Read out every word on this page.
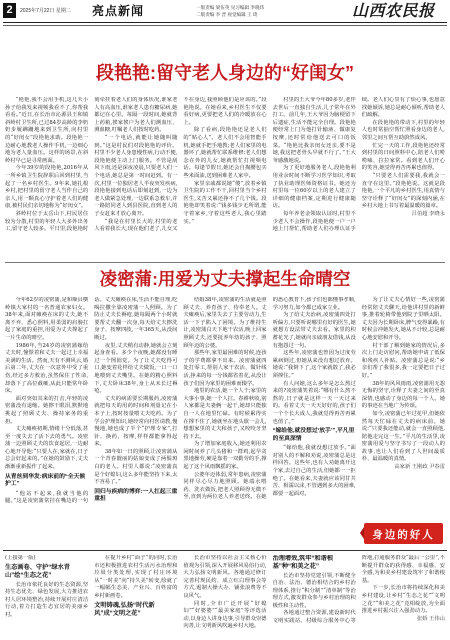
2	2025年7月22日 星期二 亮点新闻	一版责编 梁伍英 见习编辑 李晓玮
二版责编 李 晋 视觉编辑 王 琦	山西农民报
段艳艳:留守老人身边的“好闺女”

“艳艳,我不会用手机,这几天小孙子给我发来视频我看不了,你帮我看看。”近日,在长治市沁源县王和镇斜岭村卫生所,已过84岁高龄的李奶奶步履蹒跚地来到卫生所,向村里的“好闺女”段艳艳求助。段艳艳一边耐心地教老人操作手机,一边细心地为老人量血压。这样的场景,在斜岭村早已是寻常画面。

今年39岁的段艳艳,2016年从一所乡镇卫生院辞职后回到村里,当起了一名乡村医生。9年来,她扎根乡村,把村里的留守老人当作自己的亲人,用一颗真心守护着老人们的健康,被村民们亲切地称为“好闺女”。

斜岭村位于太岳山下,村民居住较为分散,村里的年轻人大多外出务工,留守老人较多。平日里,段艳艳时刻牵挂着老人们的身体状况,谁家老人有高血压,谁家老人患有糖尿病,她都记在心里。每隔一段时间,她就背上药箱,挨家挨户为老人们测血压、测血糖,叮嘱老人们按时吃药。

“一个电话,就能让她随叫随到。”这是村民们对段艳艳的评价。村里不少老人身患慢性病,行动不便,段艳艳便主动上门服务。不管是刮风下雨,还是深夜凌晨,只要老人们一个电话,她总是第一时间赶到。有一次,村里一位独居老人半夜突发疾病,段艳艳接到电话后即刻赶到,一边为老人做紧急处理,一边联系急救车,并一路陪同老人到县医院,直到老人的子女赶来才放心离开。

“我是在村里长大的,村里的老人看着我长大,现在他们老了,儿女又不在身边,我照顾他们是应该的。”段艳艳说。在她看来,乡村医生不仅要看好病,更要把老人们的冷暖放在心上。

除了看病,段艳艳还是老人们的“贴心人”。老人们不会用智能手机,她就手把手地教;老人们家里的电器坏了,她就帮忙联系维修;老人们想念在外的儿女,她就帮忙打视频电话。每逢节假日,她还会自掏腰包买些米面油,送到困难老人家中。

家里亲戚都说她“傻”,放着乡镇卫生院的工作不干,回村里当个乡村医生,又苦又累还挣不了几个钱。段艳艳却笑着说:“钱多钱少无所谓,能守着家乡,守着这些老人,我心里踏实。”

村里的王大爷今年80多岁,老伴去世后一直独自生活,儿子常年在外打工。前几年,王大爷因为脑梗留下后遗症,生活不能完全自理。段艳艳便经常上门为他打针输液、做康复按摩,还时常给他送去可口的饭菜。“艳艳比我亲闺女还亲,要不是她,我这把老骨头早就不行了。”王大爷感激地说。

为了更好地服务老人,段艳艳利用业余时间不断学习医学知识,考取了执业助理医师资格证书。她还为村里每一位60岁以上的老人建立了详细的健康档案,定期进行健康随访。

每年养老金领取认证时,村里不少老人不会操作,段艳艳便一户一户地上门帮忙,帮助老人们办理认证手续。老人们心里有了烦心事,也愿意找她倾诉,她总是耐心倾听,帮助老人们疏解。

在段艳艳的带动下,村里的年轻人也时常抽空帮忙照看身边的老人,邻里之间互帮互助蔚然成风。

忙完一天的工作,段艳艳还经常到村里的日间照料中心,陪老人们唠唠嗑、拉拉家常。看到老人们开心的笑容,她觉得再苦再累也值得。

“只要老人们需要我,我就会一直守在这里。”段艳艳说。这就是段艳艳,一个平凡的乡村医生,用真情与坚守诠释了“好闺女”的深刻内涵,在乡村大地上书写着最温暖的篇章。

吕伯超 李晓永

凌密蒲:用爱为丈夫撑起生命晴空

今年62岁的凌密蒲,是和顺县横岭镇大家村的一名普通农家妇女。38年来,面对瘫痪在床的丈夫,她不离不弃、悉心照料,用柔弱的肩膀扛起了家庭的重担,用爱为丈夫撑起了一片生命的晴空。

1986年,当24岁的凌密蒲嫁给丈夫时,憧憬着和丈夫一起过上幸福美满的生活。然而,天有不测风云,婚后第二年,丈夫在一次意外中受了重伤,经过多方救治,虽然保住了性命,却落下了高位截瘫,从此只能常年卧床。

面对突如其来的打击,年轻的凌密蒲没有退缩。她擦干眼泪,默默地挑起了照顾丈夫、操持家务的重担。

丈夫瘫痪初期,情绪十分低落,甚至一度失去了活下去的勇气。凌密蒲一边照顾丈夫的饮食起居,一边耐心地开导他:“只要人在,家就在,日子总会好起来的。”在她的鼓励下,丈夫渐渐重新振作了起来。

从青丝到华发:病床前的“全天候护工”

“他站不起来,我就当他的腿。”这是凌密蒲常挂在嘴边的一句话。丈夫瘫痪在床,生活不能自理,吃喝拉撒全靠凌密蒲一人照顾。为了防止丈夫长褥疮,她每隔两个小时就要帮丈夫翻一次身,每天给丈夫擦洗身子、按摩四肢,一年365天,从没间断过。

夜里,丈夫稍有动静,她就会立刻起身查看。多少个夜晚,她都没有睡过一个囫囵觉。为了让丈夫吃得可口,她变着花样给丈夫做饭,一口一口地喂到丈夫嘴里。在她的精心照料下,丈夫卧床38年,身上从未长过褥疮。

丈夫的病需要长期服药,凌密蒲就把每天的用药时间和剂量记在小本子上,按时按量喂丈夫吃药。为了学会护理知识,她经常向村医请教,慢慢地,她也成了半个“护理专家”,打针、换药、按摩,样样都能拿得起来。

38年如一日的照顾,让凌密蒲从一个青春靓丽的姑娘变成了两鬓斑白的老人。村里人都说:“凌密蒲真是个好媳妇,这么多年能坚持下来,太不容易了。”

回归与疾病的博弈:一人扛起三重重担

结婚38年,凌密蒲的生活就是照顾丈夫、养育孩子、侍奉老人。丈夫瘫痪后,家里失去了主要劳动力,生活一下子陷入了困境。为了维持生计,凌密蒲白天下地干农活,晚上回家照顾丈夫,还要抚养年幼的孩子、照顾年迈的公婆。

那些年,家里最困难的时候,连孩子的学费都拿不出来。凌密蒲就四处打零工,帮别人家干农活、做针线活,挣来的每一分钱都省着花,从没让孩子们因为家里的困难而辍学。

地里的农活,她一个人干;家里的大事小事,她一个人扛。春耕秋收,别人家都是夫妻俩一起干,她却只能独自一人在地里忙碌。有时候累得实在撑不住了,她就坐在地头歇一会儿,想想家里的丈夫和孩子,又咬咬牙坚持下去。

为了增加家庭收入,她还利用农闲时间养了几头猪和一群鸡,起早贪黑地操劳,硬是靠着一双勤劳的手,撑起了这个风雨飘摇的家。

公婆年迈体弱,常年患病,凌密蒲同样尽心尽力地照顾。她端水喂药、洗衣做饭,把老人照顾得无微不至,直到为两位老人养老送终。在她的悉心教育下,孩子们也都懂事孝顺,学习努力,如今都已成家立业。

为了给丈夫治病,凌密蒲四处打听偏方,只要听说哪里有好的医生,她就想方设法带丈夫去看。家里的积蓄花光了,她就向亲戚朋友借钱,从没有抱怨过一句。

这些年,凌密蒲也曾因为过度劳累病倒过,但她从来没有想过放弃。她说:“我倒下了,这个家就散了,我必须撑住。”

有人问她,这么多年是怎么熬过来的?凌密蒲笑着说:“哪有什么熬不熬的,日子就是这样一天一天过来的。看着丈夫一天天好好的,孩子们一个个长大成人,我就觉得再苦再累也值了。”

“嫁给他,就没想过‘放手’”,平凡里的至真深情

“嫁给他,我就没想过放手。”面对别人的不解和劝说,凌密蒲总是这样回答。这些年,也有人劝她离开这个家,去过自己的生活,但她都一一拒绝了。在她看来,夫妻就应该同甘共苦、相濡以沫,不管遇到多大的困难,都要一起面对。

为了让丈夫心情好一些,凌密蒲经常陪丈夫聊天,给他讲村里的新鲜事,推着轮椅带他到院子里晒太阳。丈夫因为长期卧床,脾气变得暴躁,有时候会冲她发火,她从不计较,总是耐心地安慰和开导。

村干部了解到她家的情况后,多次上门走访慰问,帮助她申请了低保和残疾人补贴。凌密蒲总是说:“乡亲们帮了我很多,我一定要把日子过好。”

38年的风风雨雨,凌密蒲用无怨无悔的坚守,诠释了夫妻之间的至真深情,也感动了身边的每一个人。她的事迹在当地广为传颂。

如今,凌密蒲已年过花甲,但她依然每天忙碌在丈夫的病床前。她说:“只要我还能动,就会一直照顾他,陪他走完这一生。”平凡的生活里,凌密蒲用爱与坚守书写了一段动人的故事,也让人们看到了人世间最质朴、最温暖的真情。

高家新 王刚政 尹春雷

身边的好人

(上接第一版)

生态画卷、守护“绿水青山”绘“生态之花”

长治市依托良好的生态资源,坚持生态优先、绿色发展,大力推进农村人居环境整治,持续开展村庄清洁行动,着力打造生态宜居的美丽乡村。

在提升乡村“面子”的同时,长治市还积极推进农村生活污水治理和垃圾分类处理,实现了村庄环境从“一时美”向“持久美”转变,绘就了一幅幅生态美、产业兴、百姓富的乡村新画卷。

文明铸魂,弘扬“时代新风”成“文明之花”

长治市坚持以社会主义核心价值观为引领,深入开展移风易俗行动,大力弘扬文明新风。各地通过修订完善村规民约、成立红白理事会等方式,遏制大操大办、铺张浪费等不良风气。

同时,全市广泛开展“好媳妇”“好婆婆”“最美家庭”等评选活动,以身边人讲身边事,引导群众崇德向善,让文明新风吹遍乡村大地。

治理增效,筑牢“和谐根基”种“和美之花”

长治市坚持党建引领,不断健全自治、法治、德治相结合的乡村治理体系,推行“积分制”“清单制”等治理方式,激发群众参与乡村治理的积极性和主动性。

各地通过整合资源,建设新时代文明实践站、村级综合服务中心等阵地,打通服务群众“最后一公里”,不断提升群众的获得感、幸福感、安全感,为和美乡村建设筑牢了和谐根基。

下一步,长治市将持续深化和美乡村建设,让乡村“生态之花”“文明之花”“和美之花”竞相绽放,为全面推进乡村振兴注入强劲动力。

张娇 王伟山
